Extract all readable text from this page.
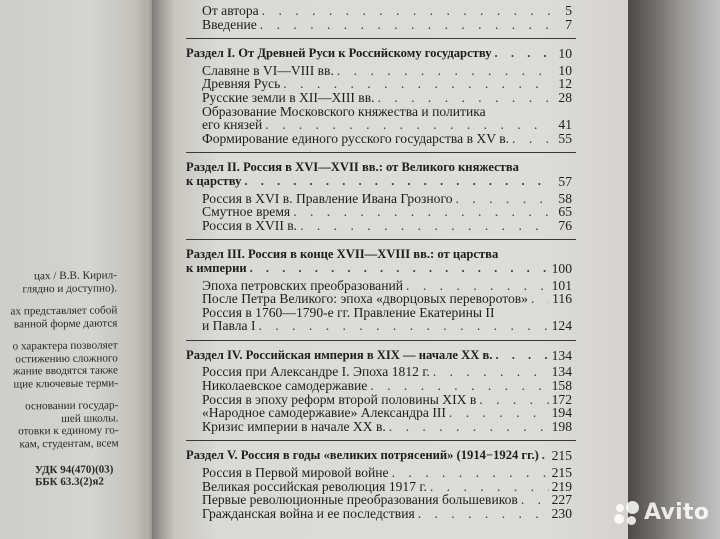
цах / В.В. Кирил-
глядно и доступно).
ах представляет собой
ванной форме даются
о характера позволяет
остижению сложного
жание вводятся также
щие ключевые терми-
основании государ-
шей школы.
отовки к единому го-
кам, студентам, всем
УДК 94(470)(03)
ББК 63.3(2)я2
От автора . . .	5
Введение . . .	7
Раздел I. От Древней Руси к Российскому государству . . .	10
Славяне в VI—VIII вв. . . .	10
Древняя Русь . . .	12
Русские земли в XII—XIII вв. . . .	28
Образование Московского княжества и политика
его князей . . .	41
Формирование единого русского государства в XV в. . . .	55
Раздел II. Россия в XVI—XVII вв.: от Великого княжества
к царству . . .	57
Россия в XVI в. Правление Ивана Грозного . . .	58
Смутное время . . .	65
Россия в XVII в. . . .	76
Раздел III. Россия в конце XVII—XVIII вв.: от царства
к империи . . .	100
Эпоха петровских преобразований . . .	101
После Петра Великого: эпоха «дворцовых переворотов» . . . 116
Россия в 1760—1790-е гг. Правление Екатерины II
и Павла I . . .	124
Раздел IV. Российская империя в XIX — начале XX в. . . .	134
Россия при Александре I. Эпоха 1812 г. . . .	134
Николаевское самодержавие . . .	158
Россия в эпоху реформ второй половины XIX в . . .	172
«Народное самодержавие» Александра III . . .	194
Кризис империи в начале XX в. . . .	198
Раздел V. Россия в годы «великих потрясений» (1914−1924 гг.) . . . 215
Россия в Первой мировой войне . . .	215
Великая российская революция 1917 г. . . .	219
Первые революционные преобразования большевиков . . . 227
Гражданская война и ее последствия . . .	230	Avito
